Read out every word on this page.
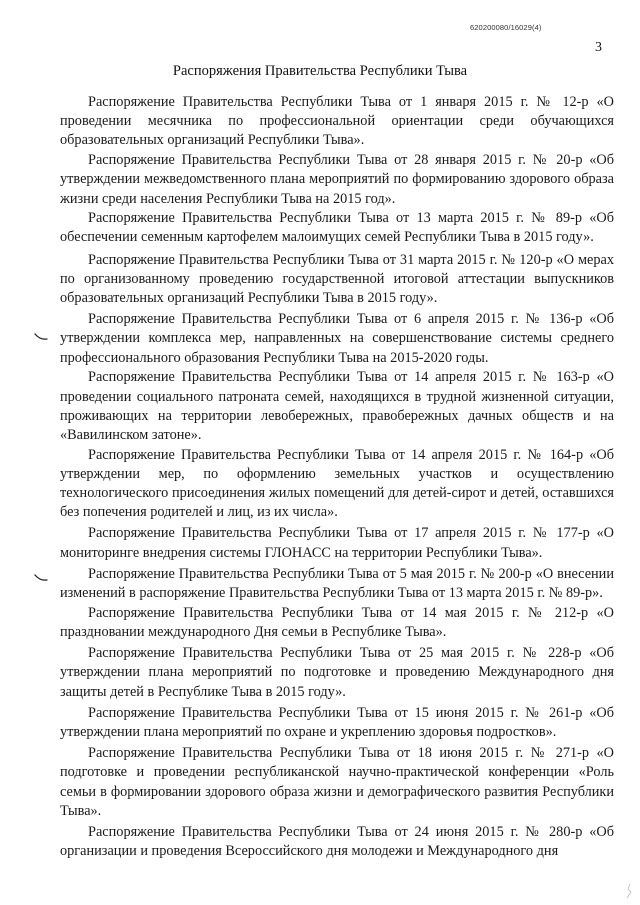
620200080/16029(4)
3
Распоряжения Правительства Республики Тыва
Распоряжение Правительства Республики Тыва от 1 января 2015 г. № 12-р «О проведении месячника по профессиональной ориентации среди обучающихся образовательных организаций Республики Тыва».
Распоряжение Правительства Республики Тыва от 28 января 2015 г. № 20-р «Об утверждении межведомственного плана мероприятий по формированию здорового образа жизни среди населения Республики Тыва на 2015 год».
Распоряжение Правительства Республики Тыва от 13 марта 2015 г. № 89-р «Об обеспечении семенным картофелем малоимущих семей Республики Тыва в 2015 году».
Распоряжение Правительства Республики Тыва от 31 марта 2015 г. № 120-р «О мерах по организованному проведению государственной итоговой аттестации выпускников образовательных организаций Республики Тыва в 2015 году».
Распоряжение Правительства Республики Тыва от 6 апреля 2015 г. № 136-р «Об утверждении комплекса мер, направленных на совершенствование системы среднего профессионального образования Республики Тыва на 2015-2020 годы.
Распоряжение Правительства Республики Тыва от 14 апреля 2015 г. № 163-р «О проведении социального патроната семей, находящихся в трудной жизненной ситуации, проживающих на территории левобережных, правобережных дачных обществ и на «Вавилинском затоне».
Распоряжение Правительства Республики Тыва от 14 апреля 2015 г. № 164-р «Об утверждении мер, по оформлению земельных участков и осуществлению технологического присоединения жилых помещений для детей-сирот и детей, оставшихся без попечения родителей и лиц, из их числа».
Распоряжение Правительства Республики Тыва от 17 апреля 2015 г. № 177-р «О мониторинге внедрения системы ГЛОНАСС на территории Республики Тыва».
Распоряжение Правительства Республики Тыва от 5 мая 2015 г. № 200-р «О внесении изменений в распоряжение Правительства Республики Тыва от 13 марта 2015 г. № 89-р».
Распоряжение Правительства Республики Тыва от 14 мая 2015 г. № 212-р «О праздновании международного Дня семьи в Республике Тыва».
Распоряжение Правительства Республики Тыва от 25 мая 2015 г. № 228-р «Об утверждении плана мероприятий по подготовке и проведению Международного дня защиты детей в Республике Тыва в 2015 году».
Распоряжение Правительства Республики Тыва от 15 июня 2015 г. № 261-р «Об утверждении плана мероприятий по охране и укреплению здоровья подростков».
Распоряжение Правительства Республики Тыва от 18 июня 2015 г. № 271-р «О подготовке и проведении республиканской научно-практической конференции «Роль семьи в формировании здорового образа жизни и демографического развития Республики Тыва».
Распоряжение Правительства Республики Тыва от 24 июня 2015 г. № 280-р «Об организации и проведения Всероссийского дня молодежи и Международного дня
